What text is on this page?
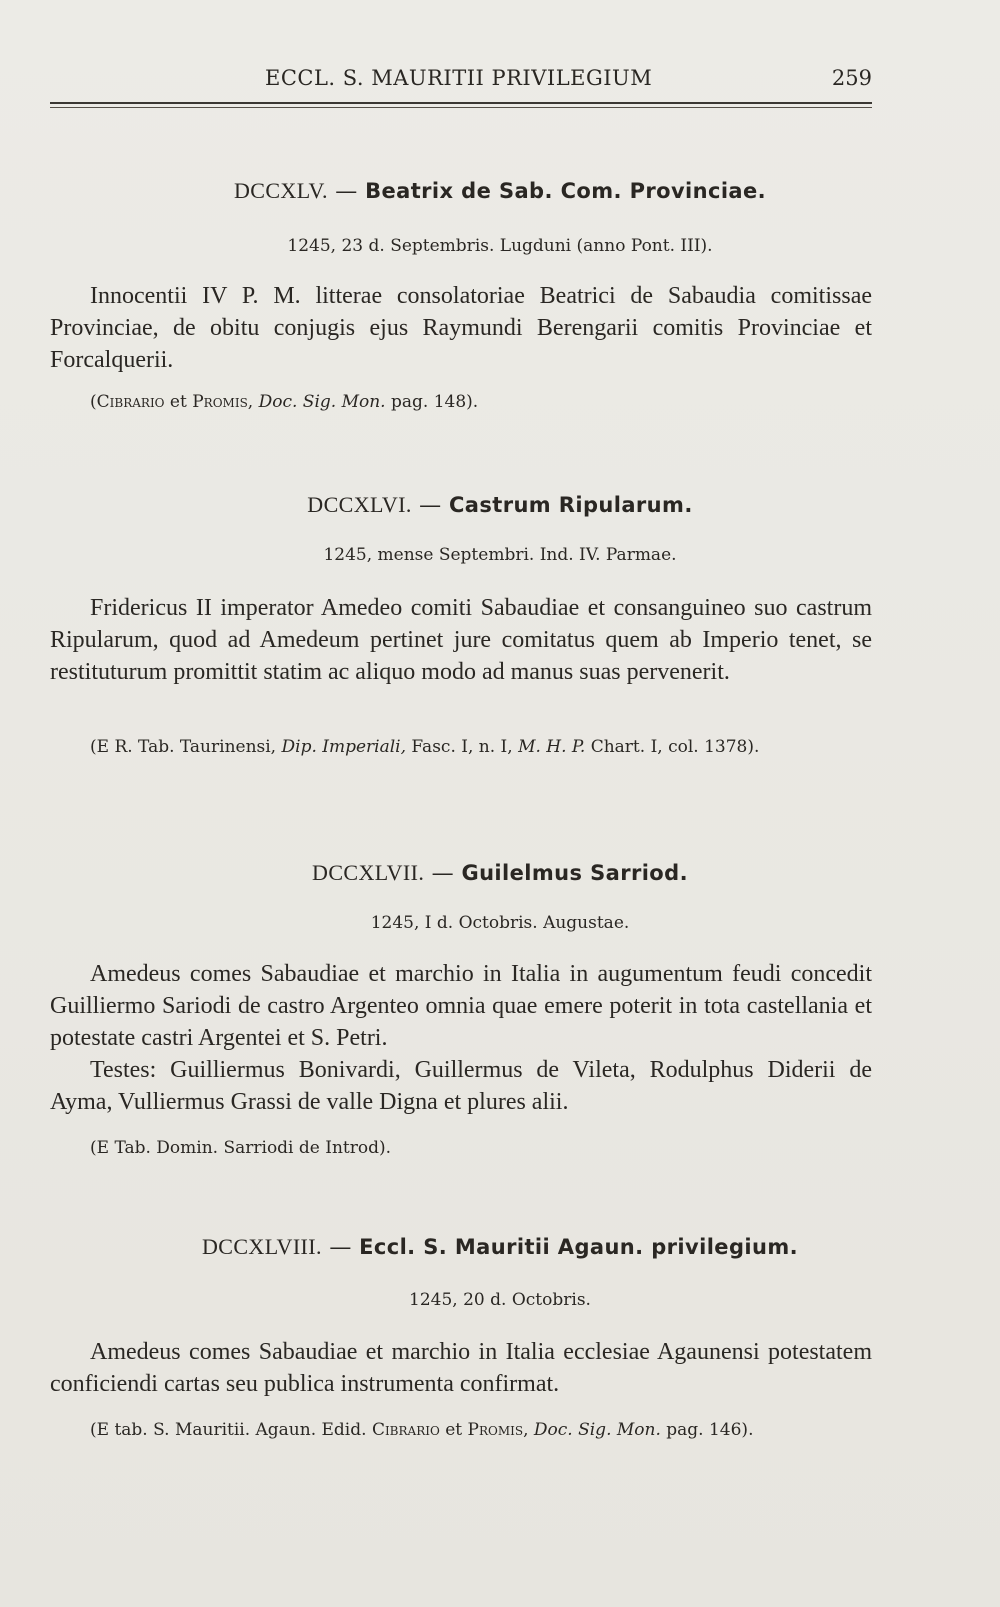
ECCL. S. MAURITII PRIVILEGIUM	259
DCCXLV. — Beatrix de Sab. Com. Provinciae.
1245, 23 d. Septembris. Lugduni (anno Pont. III).
Innocentii IV P. M. litterae consolatoriae Beatrici de Sabaudia comitissae Provinciae, de obitu conjugis ejus Raymundi Berengarii comitis Provinciae et Forcalquerii.
(Cibrario et Promis, Doc. Sig. Mon. pag. 148).
DCCXLVI. — Castrum Ripularum.
1245, mense Septembri. Ind. IV. Parmae.
Fridericus II imperator Amedeo comiti Sabaudiae et consanguineo suo castrum Ripularum, quod ad Amedeum pertinet jure comitatus quem ab Imperio tenet, se restituturum promittit statim ac aliquo modo ad manus suas pervenerit.
(E R. Tab. Taurinensi, Dip. Imperiali, Fasc. I, n. I, M. H. P. Chart. I, col. 1378).
DCCXLVII. — Guilelmus Sarriod.
1245, I d. Octobris. Augustae.
Amedeus comes Sabaudiae et marchio in Italia in augumentum feudi concedit Guilliermo Sariodi de castro Argenteo omnia quae emere poterit in tota castellania et potestate castri Argentei et S. Petri.
Testes: Guilliermus Bonivardi, Guillermus de Vileta, Rodulphus Diderii de Ayma, Vulliermus Grassi de valle Digna et plures alii.
(E Tab. Domin. Sarriodi de Introd).
DCCXLVIII. — Eccl. S. Mauritii Agaun. privilegium.
1245, 20 d. Octobris.
Amedeus comes Sabaudiae et marchio in Italia ecclesiae Agaunensi potestatem conficiendi cartas seu publica instrumenta confirmat.
(E tab. S. Mauritii. Agaun. Edid. Cibrario et Promis, Doc. Sig. Mon. pag. 146).
